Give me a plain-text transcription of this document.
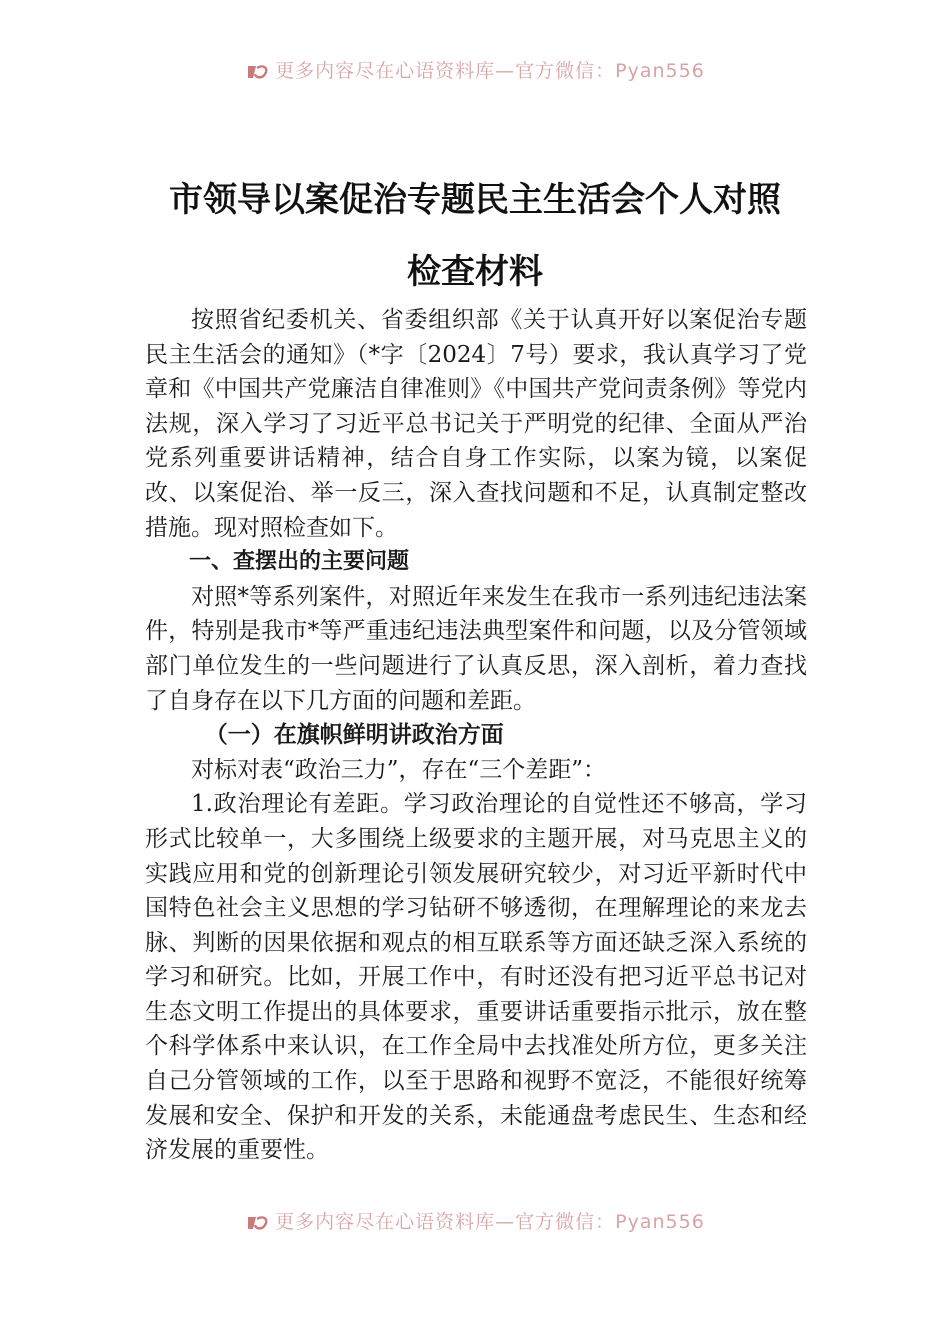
更多内容尽在心语资料库—官方微信：Pyan556
市领导以案促治专题民主生活会个人对照
检查材料

按照省纪委机关、省委组织部《关于认真开好以案促治专题民主生活会的通知》（*字〔2024〕7号）要求，我认真学习了党章和《中国共产党廉洁自律准则》《中国共产党问责条例》等党内法规，深入学习了习近平总书记关于严明党的纪律、全面从严治党系列重要讲话精神，结合自身工作实际，以案为镜，以案促改、以案促治、举一反三，深入查找问题和不足，认真制定整改措施。现对照检查如下。

一、查摆出的主要问题

对照*等系列案件，对照近年来发生在我市一系列违纪违法案件，特别是我市*等严重违纪违法典型案件和问题，以及分管领域部门单位发生的一些问题进行了认真反思，深入剖析，着力查找了自身存在以下几方面的问题和差距。

（一）在旗帜鲜明讲政治方面

对标对表“政治三力”，存在“三个差距”：

1.政治理论有差距。学习政治理论的自觉性还不够高，学习形式比较单一，大多围绕上级要求的主题开展，对马克思主义的实践应用和党的创新理论引领发展研究较少，对习近平新时代中国特色社会主义思想的学习钻研不够透彻，在理解理论的来龙去脉、判断的因果依据和观点的相互联系等方面还缺乏深入系统的学习和研究。比如，开展工作中，有时还没有把习近平总书记对生态文明工作提出的具体要求，重要讲话重要指示批示，放在整个科学体系中来认识，在工作全局中去找准处所方位，更多关注自己分管领域的工作，以至于思路和视野不宽泛，不能很好统筹发展和安全、保护和开发的关系，未能通盘考虑民生、生态和经济发展的重要性。

更多内容尽在心语资料库—官方微信：Pyan556
